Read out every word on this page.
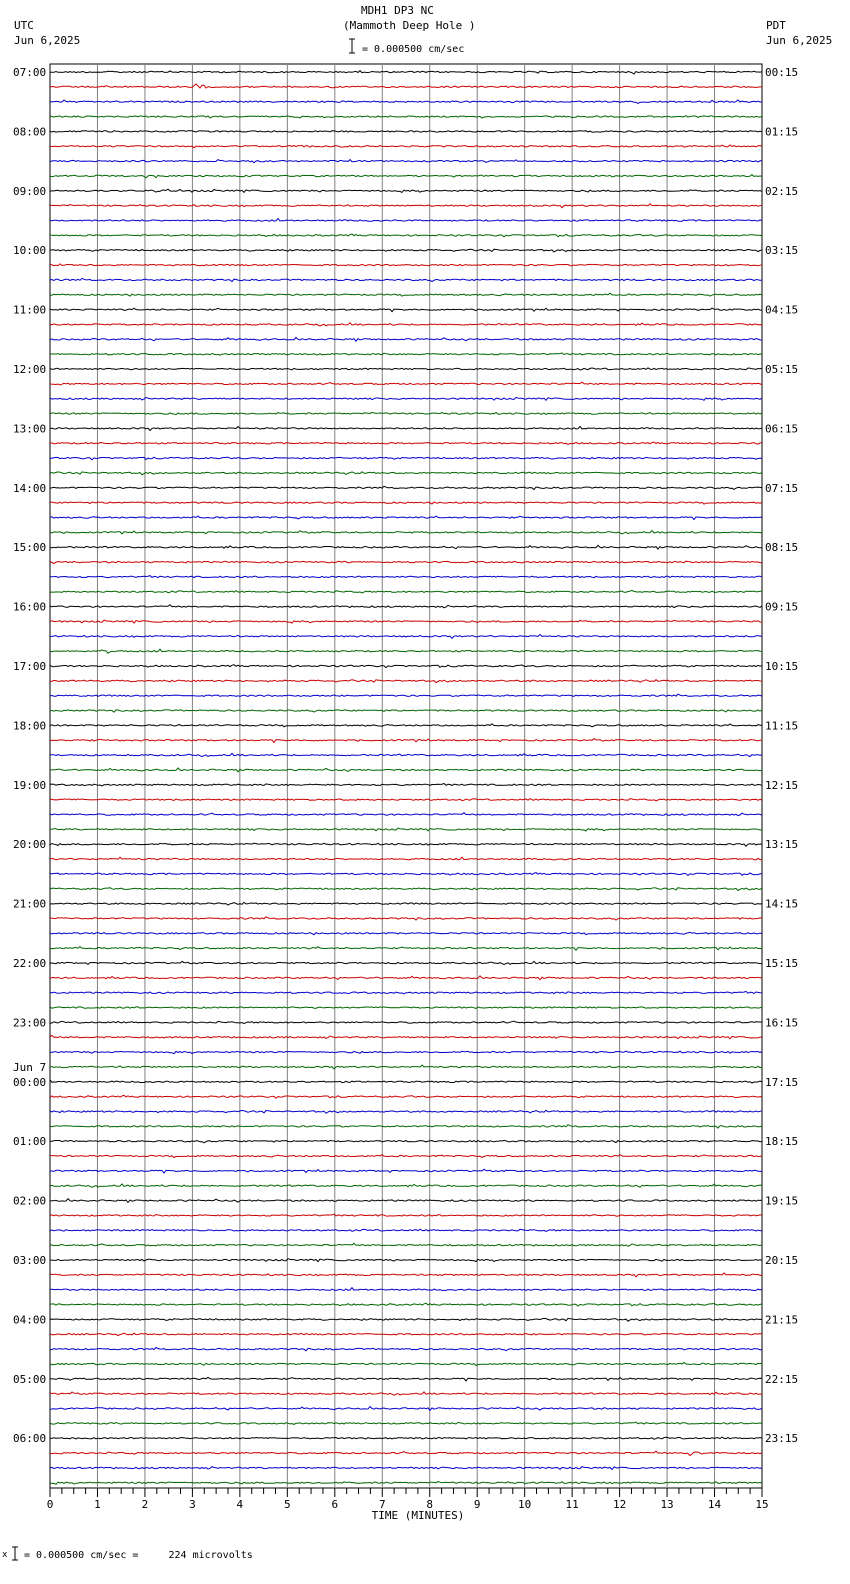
MDH1 DP3 NC
(Mammoth Deep Hole )
= 0.000500 cm/sec
UTC
Jun 6,2025
PDT
Jun 6,2025
x = 0.000500 cm/sec =     224 microvolts
07:00	00:15
08:00	01:15
09:00	02:15
10:00	03:15
11:00	04:15
12:00	05:15
13:00	06:15
14:00	07:15
15:00	08:15
16:00	09:15
17:00	10:15
18:00	11:15
19:00	12:15
20:00	13:15
21:00	14:15
22:00	15:15
23:00	16:15
00:00	17:15
01:00	18:15
02:00	19:15
03:00	20:15
04:00	21:15
05:00	22:15
06:00	23:15
Jun 7
0	1	2	3	4	5	6	7	8	9	10	11	12	13	14	15
TIME (MINUTES)
